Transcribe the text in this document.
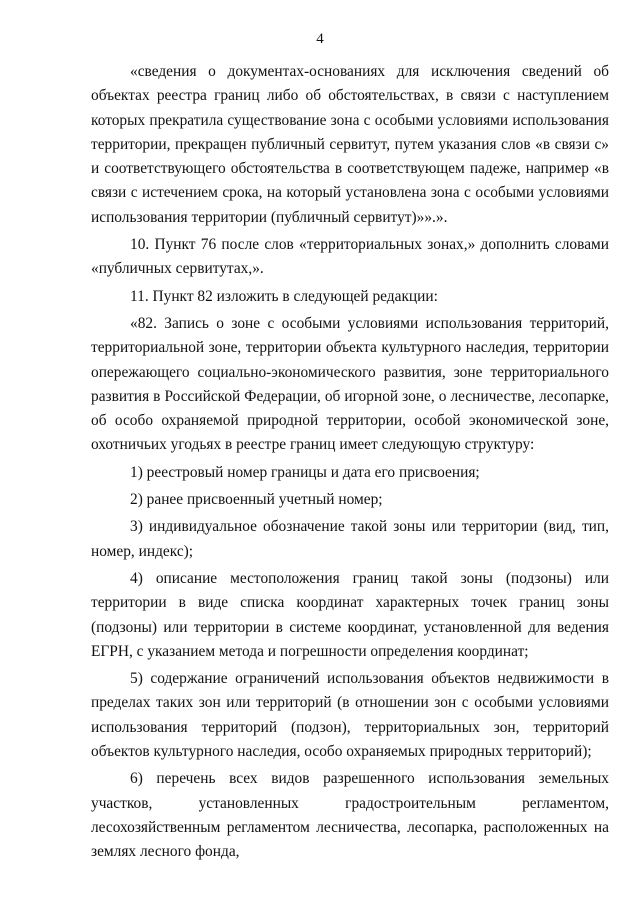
4

«сведения о документах-основаниях для исключения сведений об объектах реестра границ либо об обстоятельствах, в связи с наступлением которых прекратила существование зона с особыми условиями использования территории, прекращен публичный сервитут, путем указания слов «в связи с» и соответствующего обстоятельства в соответствующем падеже, например «в связи с истечением срока, на который установлена зона с особыми условиями использования территории (публичный сервитут)»».».

10. Пункт 76 после слов «территориальных зонах,» дополнить словами «публичных сервитутах,».

11. Пункт 82 изложить в следующей редакции:

«82. Запись о зоне с особыми условиями использования территорий, территориальной зоне, территории объекта культурного наследия, территории опережающего социально-экономического развития, зоне территориального развития в Российской Федерации, об игорной зоне, о лесничестве, лесопарке, об особо охраняемой природной территории, особой экономической зоне, охотничьих угодьях в реестре границ имеет следующую структуру:

1) реестровый номер границы и дата его присвоения;

2) ранее присвоенный учетный номер;

3) индивидуальное обозначение такой зоны или территории (вид, тип, номер, индекс);

4) описание местоположения границ такой зоны (подзоны) или территории в виде списка координат характерных точек границ зоны (подзоны) или территории в системе координат, установленной для ведения ЕГРН, с указанием метода и погрешности определения координат;

5) содержание ограничений использования объектов недвижимости в пределах таких зон или территорий (в отношении зон с особыми условиями использования территорий (подзон), территориальных зон, территорий объектов культурного наследия, особо охраняемых природных территорий);

6) перечень всех видов разрешенного использования земельных участков, установленных градостроительным регламентом, лесохозяйственным регламентом лесничества, лесопарка, расположенных на землях лесного фонда,
